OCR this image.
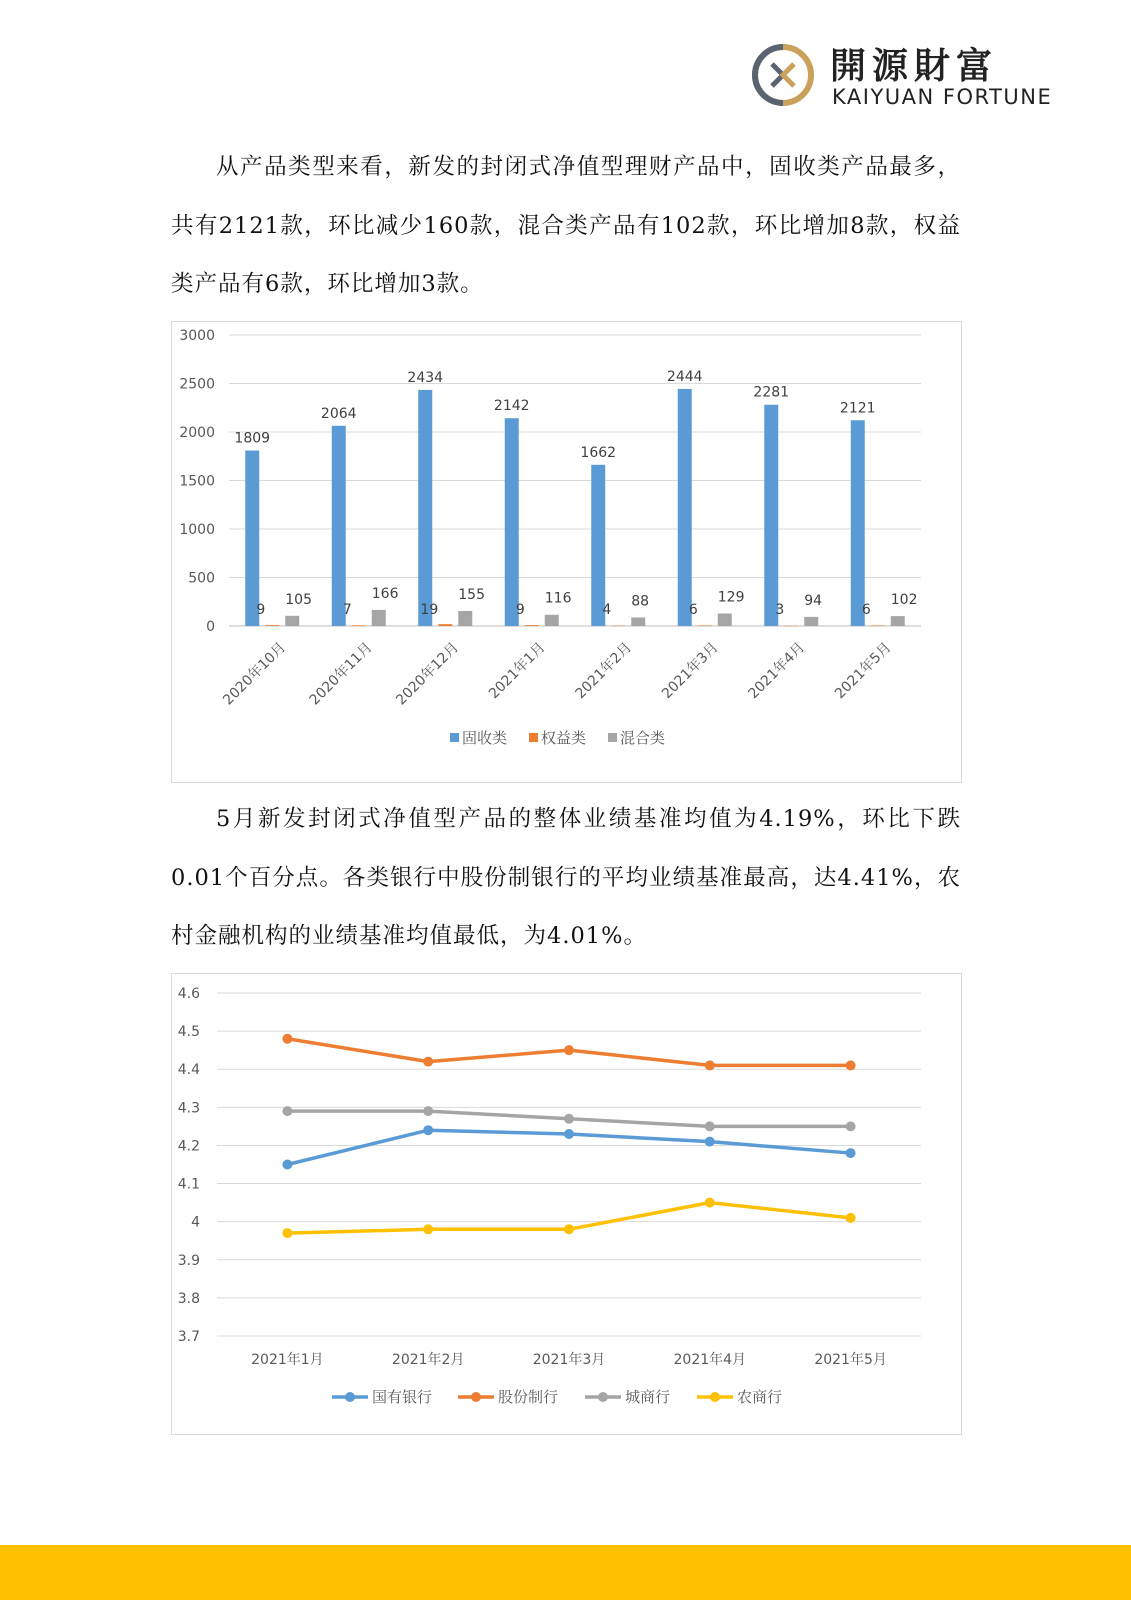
開源財富
KAIYUAN FORTUNE

从产品类型来看，新发的封闭式净值型理财产品中，固收类产品最多，共有2121款，环比减少160款，混合类产品有102款，环比增加8款，权益类产品有6款，环比增加3款。

0
500
1000
1500
2000
2500
3000
1809
9
105
2020年10月
2064
7
166
2020年11月
2434
19
155
2020年12月
2142
9
116
2021年1月
1662
4
88
2021年2月
2444
6
129
2021年3月
2281
3
94
2021年4月
2121
6
102
2021年5月
固收类 权益类 混合类

5月新发封闭式净值型产品的整体业绩基准均值为4.19%，环比下跌0.01个百分点。各类银行中股份制银行的平均业绩基准最高，达4.41%，农村金融机构的业绩基准均值最低，为4.01%。

3.7
3.8
3.9
4
4.1
4.2
4.3
4.4
4.5
4.6
2021年1月	2021年2月	2021年3月	2021年4月	2021年5月
国有银行	股份制行	城商行	农商行
